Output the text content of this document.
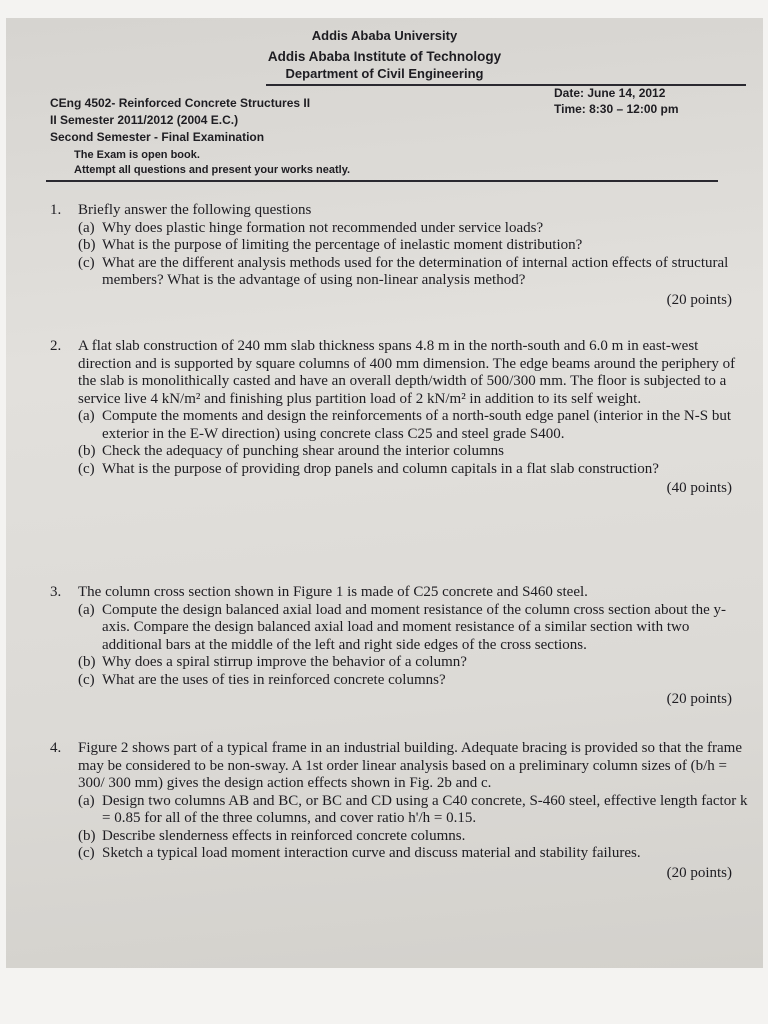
Addis Ababa University
Addis Ababa Institute of Technology
Department of Civil Engineering
CEng 4502- Reinforced Concrete Structures II
II Semester 2011/2012 (2004 E.C.)
Second Semester - Final Examination
The Exam is open book.
Attempt all questions and present your works neatly.
Date: June 14, 2012
Time: 8:30 – 12:00 pm
1.	Briefly answer the following questions
(a) Why does plastic hinge formation not recommended under service loads?
(b) What is the purpose of limiting the percentage of inelastic moment distribution?
(c) What are the different analysis methods used for the determination of internal action effects of structural members? What is the advantage of using non-linear analysis method?
(20 points)
2.	A flat slab construction of 240 mm slab thickness spans 4.8 m in the north-south and 6.0 m in east-west direction and is supported by square columns of 400 mm dimension. The edge beams around the periphery of the slab is monolithically casted and have an overall depth/width of 500/300 mm. The floor is subjected to a service live 4 kN/m² and finishing plus partition load of 2 kN/m² in addition to its self weight.
(a) Compute the moments and design the reinforcements of a north-south edge panel (interior in the N-S but exterior in the E-W direction) using concrete class C25 and steel grade S400.
(b) Check the adequacy of punching shear around the interior columns
(c) What is the purpose of providing drop panels and column capitals in a flat slab construction?
(40 points)
3.	The column cross section shown in Figure 1 is made of C25 concrete and S460 steel.
(a) Compute the design balanced axial load and moment resistance of the column cross section about the y-axis. Compare the design balanced axial load and moment resistance of a similar section with two additional bars at the middle of the left and right side edges of the cross sections.
(b) Why does a spiral stirrup improve the behavior of a column?
(c) What are the uses of ties in reinforced concrete columns?
(20 points)
4.	Figure 2 shows part of a typical frame in an industrial building. Adequate bracing is provided so that the frame may be considered to be non-sway. A 1st order linear analysis based on a preliminary column sizes of (b/h = 300/ 300 mm) gives the design action effects shown in Fig. 2b and c.
(a) Design two columns AB and BC, or BC and CD using a C40 concrete, S-460 steel, effective length factor k = 0.85 for all of the three columns, and cover ratio h'/h = 0.15.
(b) Describe slenderness effects in reinforced concrete columns.
(c) Sketch a typical load moment interaction curve and discuss material and stability failures.
(20 points)
